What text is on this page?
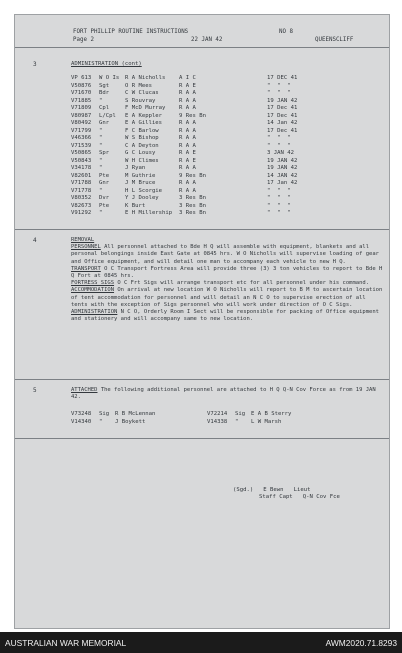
FORT PHILLIP ROUTINE INSTRUCTIONS	NO 8
Page 2	22 JAN 42	QUEENSCLIFF
3	ADMINISTRATION (cont)
VP 613 W O Is R A Nicholls A I C	17 DEC 41
V50876 Sgt	O R Mees	R A E	"  "  "
V71670 Bdr	C W Clucas	R A A	"  "  "
V71885 "	S Rouvray	R A A	19 JAN 42
V71809 Cpl	F McD Murray R A A	17 Dec 41
V80987 L/Cpl E A Keppler	9 Res Bn	17 Dec 41
V80492 Gnr	E A Gillies	R A A	14 Jan 42
V71799 "	F C Barlow	R A A	17 Dec 41
V46366 "	W S Bishop	R A A	"  "  "
V71539 "	C A Deyton	R A A	"  "  "
V50865 Spr	G C Lousy	R A E	3 JAN 42
V50843 "	W H Climes	R A E	19 JAN 42
V34178 "	J Ryan	R A A	19 JAN 42
V82601 Pte	M Guthrie	9 Res Bn	14 JAN 42
V71788 Gnr	J M Bruce	R A A	17 Jan 42
V71778 "	H L Scorgie	R A A	"  "  "
V80352 Dvr	Y J Dooley	3 Res Bn	"  "  "
V82673 Pte	K Burt	3 Res Bn	"  "  "
V91292 "	E H Millership 3 Res Bn	"  "  "
4	REMOVAL
PERSONNEL All personnel attached to Bde H Q will assemble with equipment, blankets and all personal belongings inside East Gate at 0845 hrs. W O Nicholls will supervise loading of gear and Office equipment, and will detail one man to accompany each vehicle to new H Q.
TRANSPORT O C Transport Fortress Area will provide three (3) 3 ton vehicles to report to Bde H Q Fort at 0845 hrs.
FORTRESS SIGS O C Frt Sigs will arrange transport etc for all personnel under his command.
ACCOMMODATION On arrival at new location W O Nicholls will report to B M to ascertain location of tent accommodation for personnel and will detail an N C O to supervise erection of all tents with the exception of Sigs personnel who will work under direction of O C Sigs.
ADMINISTRATION N C O, Orderly Room I Sect will be responsible for packing of Office equipment and stationery and will accompany same to new location.
5	ATTACHED The following additional personnel are attached to H Q Q-N Cov Force as from 19 JAN 42.
V73248 Sig R B McLennan	V72214 Sig E A B Sterry
V14340 " J Boykett	V14338 " L W Marsh
(Sgd.)   E Bewn   Lieut
Staff Capt   Q-N Cov Fce
AUSTRALIAN WAR MEMORIAL	AWM2020.71.8293
